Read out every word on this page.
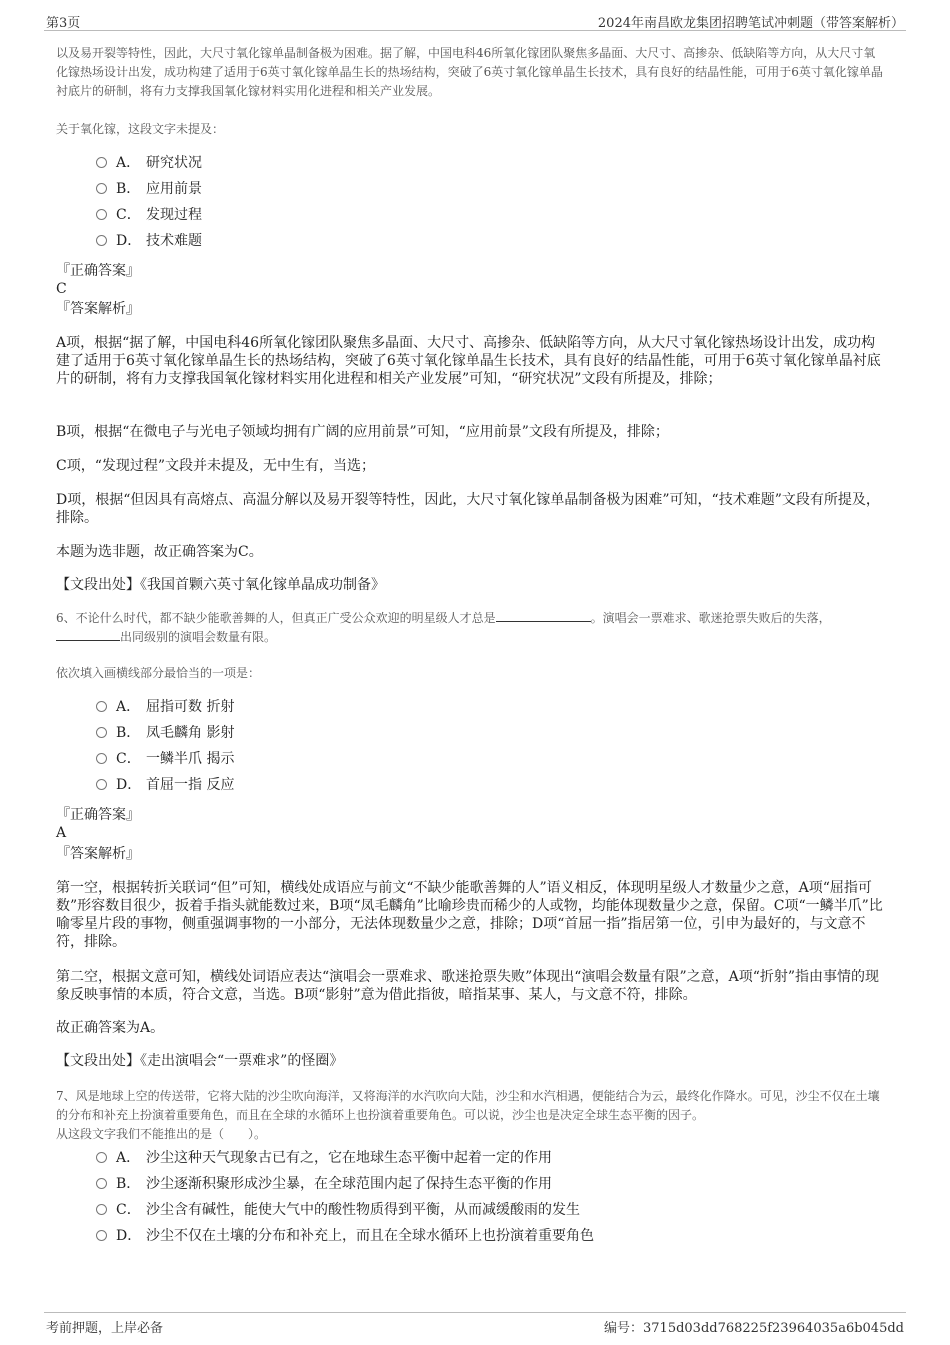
第3页	2024年南昌欧龙集团招聘笔试冲刺题（带答案解析）
以及易开裂等特性，因此，大尺寸氧化镓单晶制备极为困难。据了解，中国电科46所氧化镓团队聚焦多晶面、大尺寸、高掺杂、低缺陷等方向，从大尺寸氧化镓热场设计出发，成功构建了适用于6英寸氧化镓单晶生长的热场结构，突破了6英寸氧化镓单晶生长技术，具有良好的结晶性能，可用于6英寸氧化镓单晶衬底片的研制，将有力支撑我国氧化镓材料实用化进程和相关产业发展。
关于氧化镓，这段文字未提及：
A． 研究状况
B． 应用前景
C． 发现过程
D． 技术难题
『正确答案』
C
『答案解析』
A项，根据“据了解，中国电科46所氧化镓团队聚焦多晶面、大尺寸、高掺杂、低缺陷等方向，从大尺寸氧化镓热场设计出发，成功构建了适用于6英寸氧化镓单晶生长的热场结构，突破了6英寸氧化镓单晶生长技术，具有良好的结晶性能，可用于6英寸氧化镓单晶衬底片的研制，将有力支撑我国氧化镓材料实用化进程和相关产业发展”可知，“研究状况”文段有所提及，排除；
B项，根据“在微电子与光电子领域均拥有广阔的应用前景”可知，“应用前景”文段有所提及，排除；
C项，“发现过程”文段并未提及，无中生有，当选；
D项，根据“但因具有高熔点、高温分解以及易开裂等特性，因此，大尺寸氧化镓单晶制备极为困难”可知，“技术难题”文段有所提及，排除。
本题为选非题，故正确答案为C。
【文段出处】《我国首颗六英寸氧化镓单晶成功制备》
6、不论什么时代，都不缺少能歌善舞的人，但真正广受公众欢迎的明星级人才总是	。演唱会一票难求、歌迷抢票失败后的失落，出同级别的演唱会数量有限。
依次填入画横线部分最恰当的一项是：
A． 屈指可数 折射
B． 凤毛麟角 影射
C． 一鳞半爪 揭示
D． 首屈一指 反应
『正确答案』
A
『答案解析』
第一空，根据转折关联词“但”可知，横线处成语应与前文“不缺少能歌善舞的人”语义相反，体现明星级人才数量少之意，A项“屈指可数”形容数目很少，扳着手指头就能数过来，B项“凤毛麟角”比喻珍贵而稀少的人或物，均能体现数量少之意，保留。C项“一鳞半爪”比喻零星片段的事物，侧重强调事物的一小部分，无法体现数量少之意，排除；D项“首屈一指”指居第一位，引申为最好的，与文意不符，排除。
第二空，根据文意可知，横线处词语应表达“演唱会一票难求、歌迷抢票失败”体现出“演唱会数量有限”之意，A项“折射”指由事情的现象反映事情的本质，符合文意，当选。B项“影射”意为借此指彼，暗指某事、某人，与文意不符，排除。
故正确答案为A。
【文段出处】《走出演唱会“一票难求”的怪圈》
7、风是地球上空的传送带，它将大陆的沙尘吹向海洋，又将海洋的水汽吹向大陆，沙尘和水汽相遇，便能结合为云，最终化作降水。可见，沙尘不仅在土壤的分布和补充上扮演着重要角色，而且在全球的水循环上也扮演着重要角色。可以说，沙尘也是决定全球生态平衡的因子。
从这段文字我们不能推出的是（　　）。
A． 沙尘这种天气现象古已有之，它在地球生态平衡中起着一定的作用
B． 沙尘逐渐积聚形成沙尘暴，在全球范围内起了保持生态平衡的作用
C． 沙尘含有碱性，能使大气中的酸性物质得到平衡，从而减缓酸雨的发生
D． 沙尘不仅在土壤的分布和补充上，而且在全球水循环上也扮演着重要角色
考前押题，上岸必备	编号：3715d03dd768225f23964035a6b045dd
